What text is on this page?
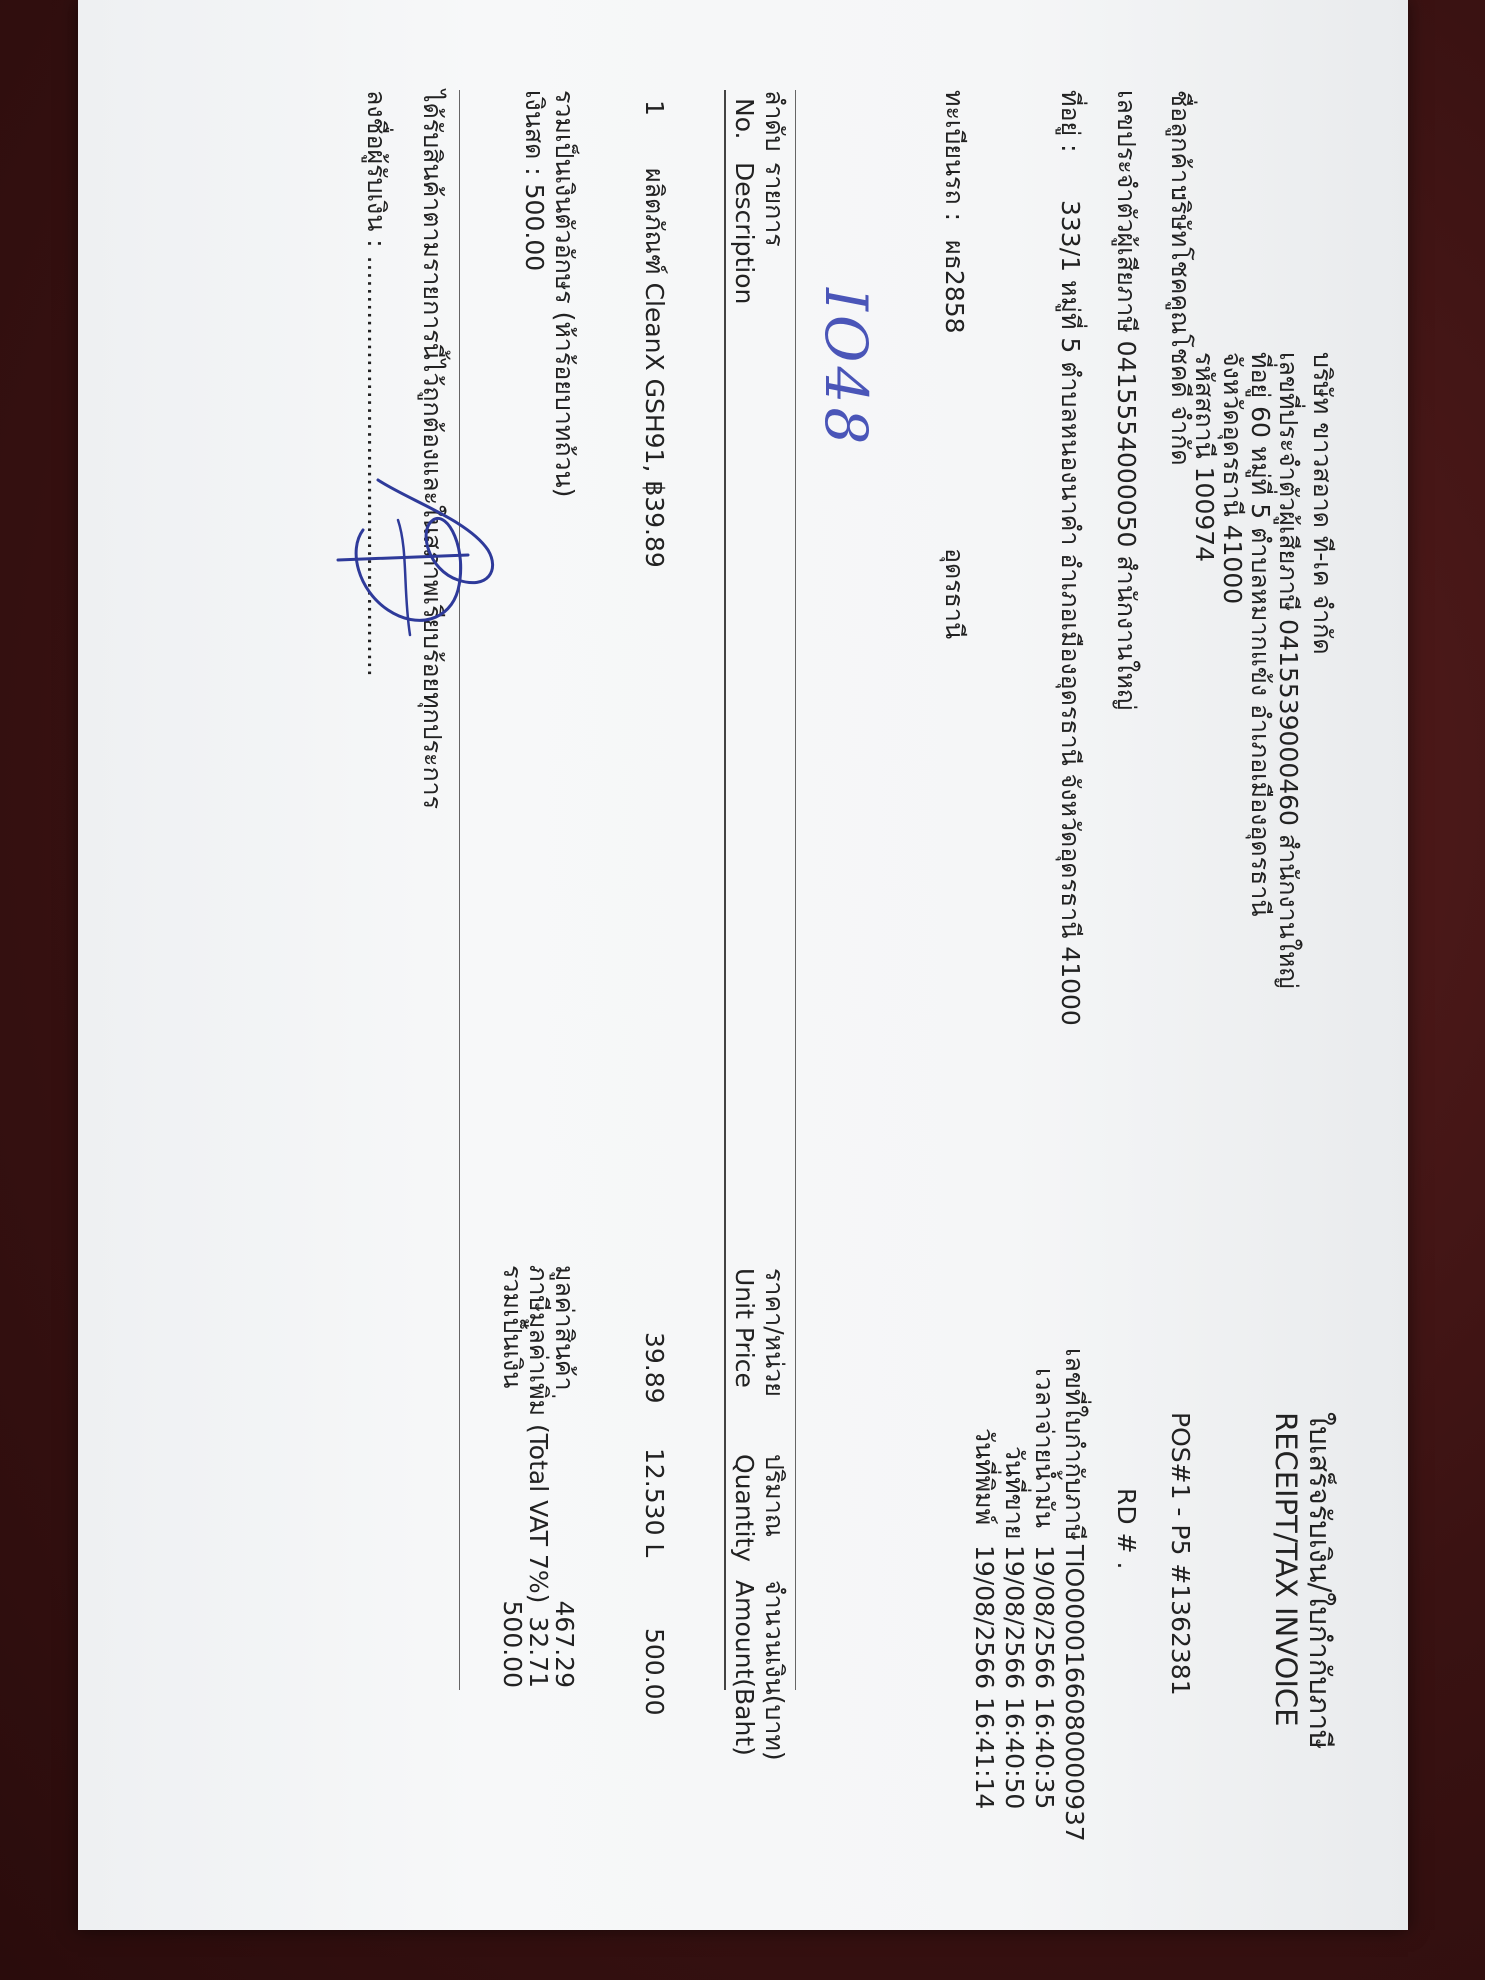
บริษัท ขาวสอาด ที-เค จำกัด
เลขที่ประจำตัวผู้เสียภาษี 0415539000460 สำนักงานใหญ่
ที่อยู่ 60 หมู่ที่ 5 ตำบลหมากแข้ง อำเภอเมืองอุดรธานี
จังหวัดอุดรธานี 41000
รหัสสถานี 100974
ใบเสร็จรับเงิน/ใบกำกับภาษี
RECEIPT/TAX INVOICE
POS#1 - P5 #1362381
RD # .
เลขที่ใบกำกับภาษี
TIO0000166080000937
เวลาจ่ายน้ำมัน
19/08/2566 16:40:35
วันที่ขาย
19/08/2566 16:40:50
วันที่พิมพ์
19/08/2566 16:41:14
ชื่อลูกค้า :
บริษัทโชคคูณโชคดี จำกัด
เลขประจำตัวผู้เสียภาษี 0415554000050 สำนักงานใหญ่
ที่อยู่ :
333/1 หมู่ที่ 5 ตำบลหนองนาคำ อำเภอเมืองอุดรธานี จังหวัดอุดรธานี 41000
ทะเบียนรถ :
ผธ2858
อุดรธานี
IO48
ลำดับ
No.
รายการ
Description
ราคา/หน่วย
Unit Price
ปริมาณ
Quantity
จำนวนเงิน(บาท)
Amount(Baht)
1
ผลิตภัณฑ์ CleanX GSH91, ฿39.89
39.89
12.530 L
500.00
รวมเป็นเงินตัวอักษร (ห้าร้อยบาทถ้วน)
เงินสด : 500.00
มูลค่าสินค้า
467.29
ภาษีมูลค่าเพิ่ม (Total VAT 7%)
32.71
รวมเป็นเงิน
500.00
ได้รับสินค้าตามรายการนี้ไว้ถูกต้องและในสภาพเรียบร้อยทุกประการ
ลงชื่อผู้รับเงิน : .....................................................
